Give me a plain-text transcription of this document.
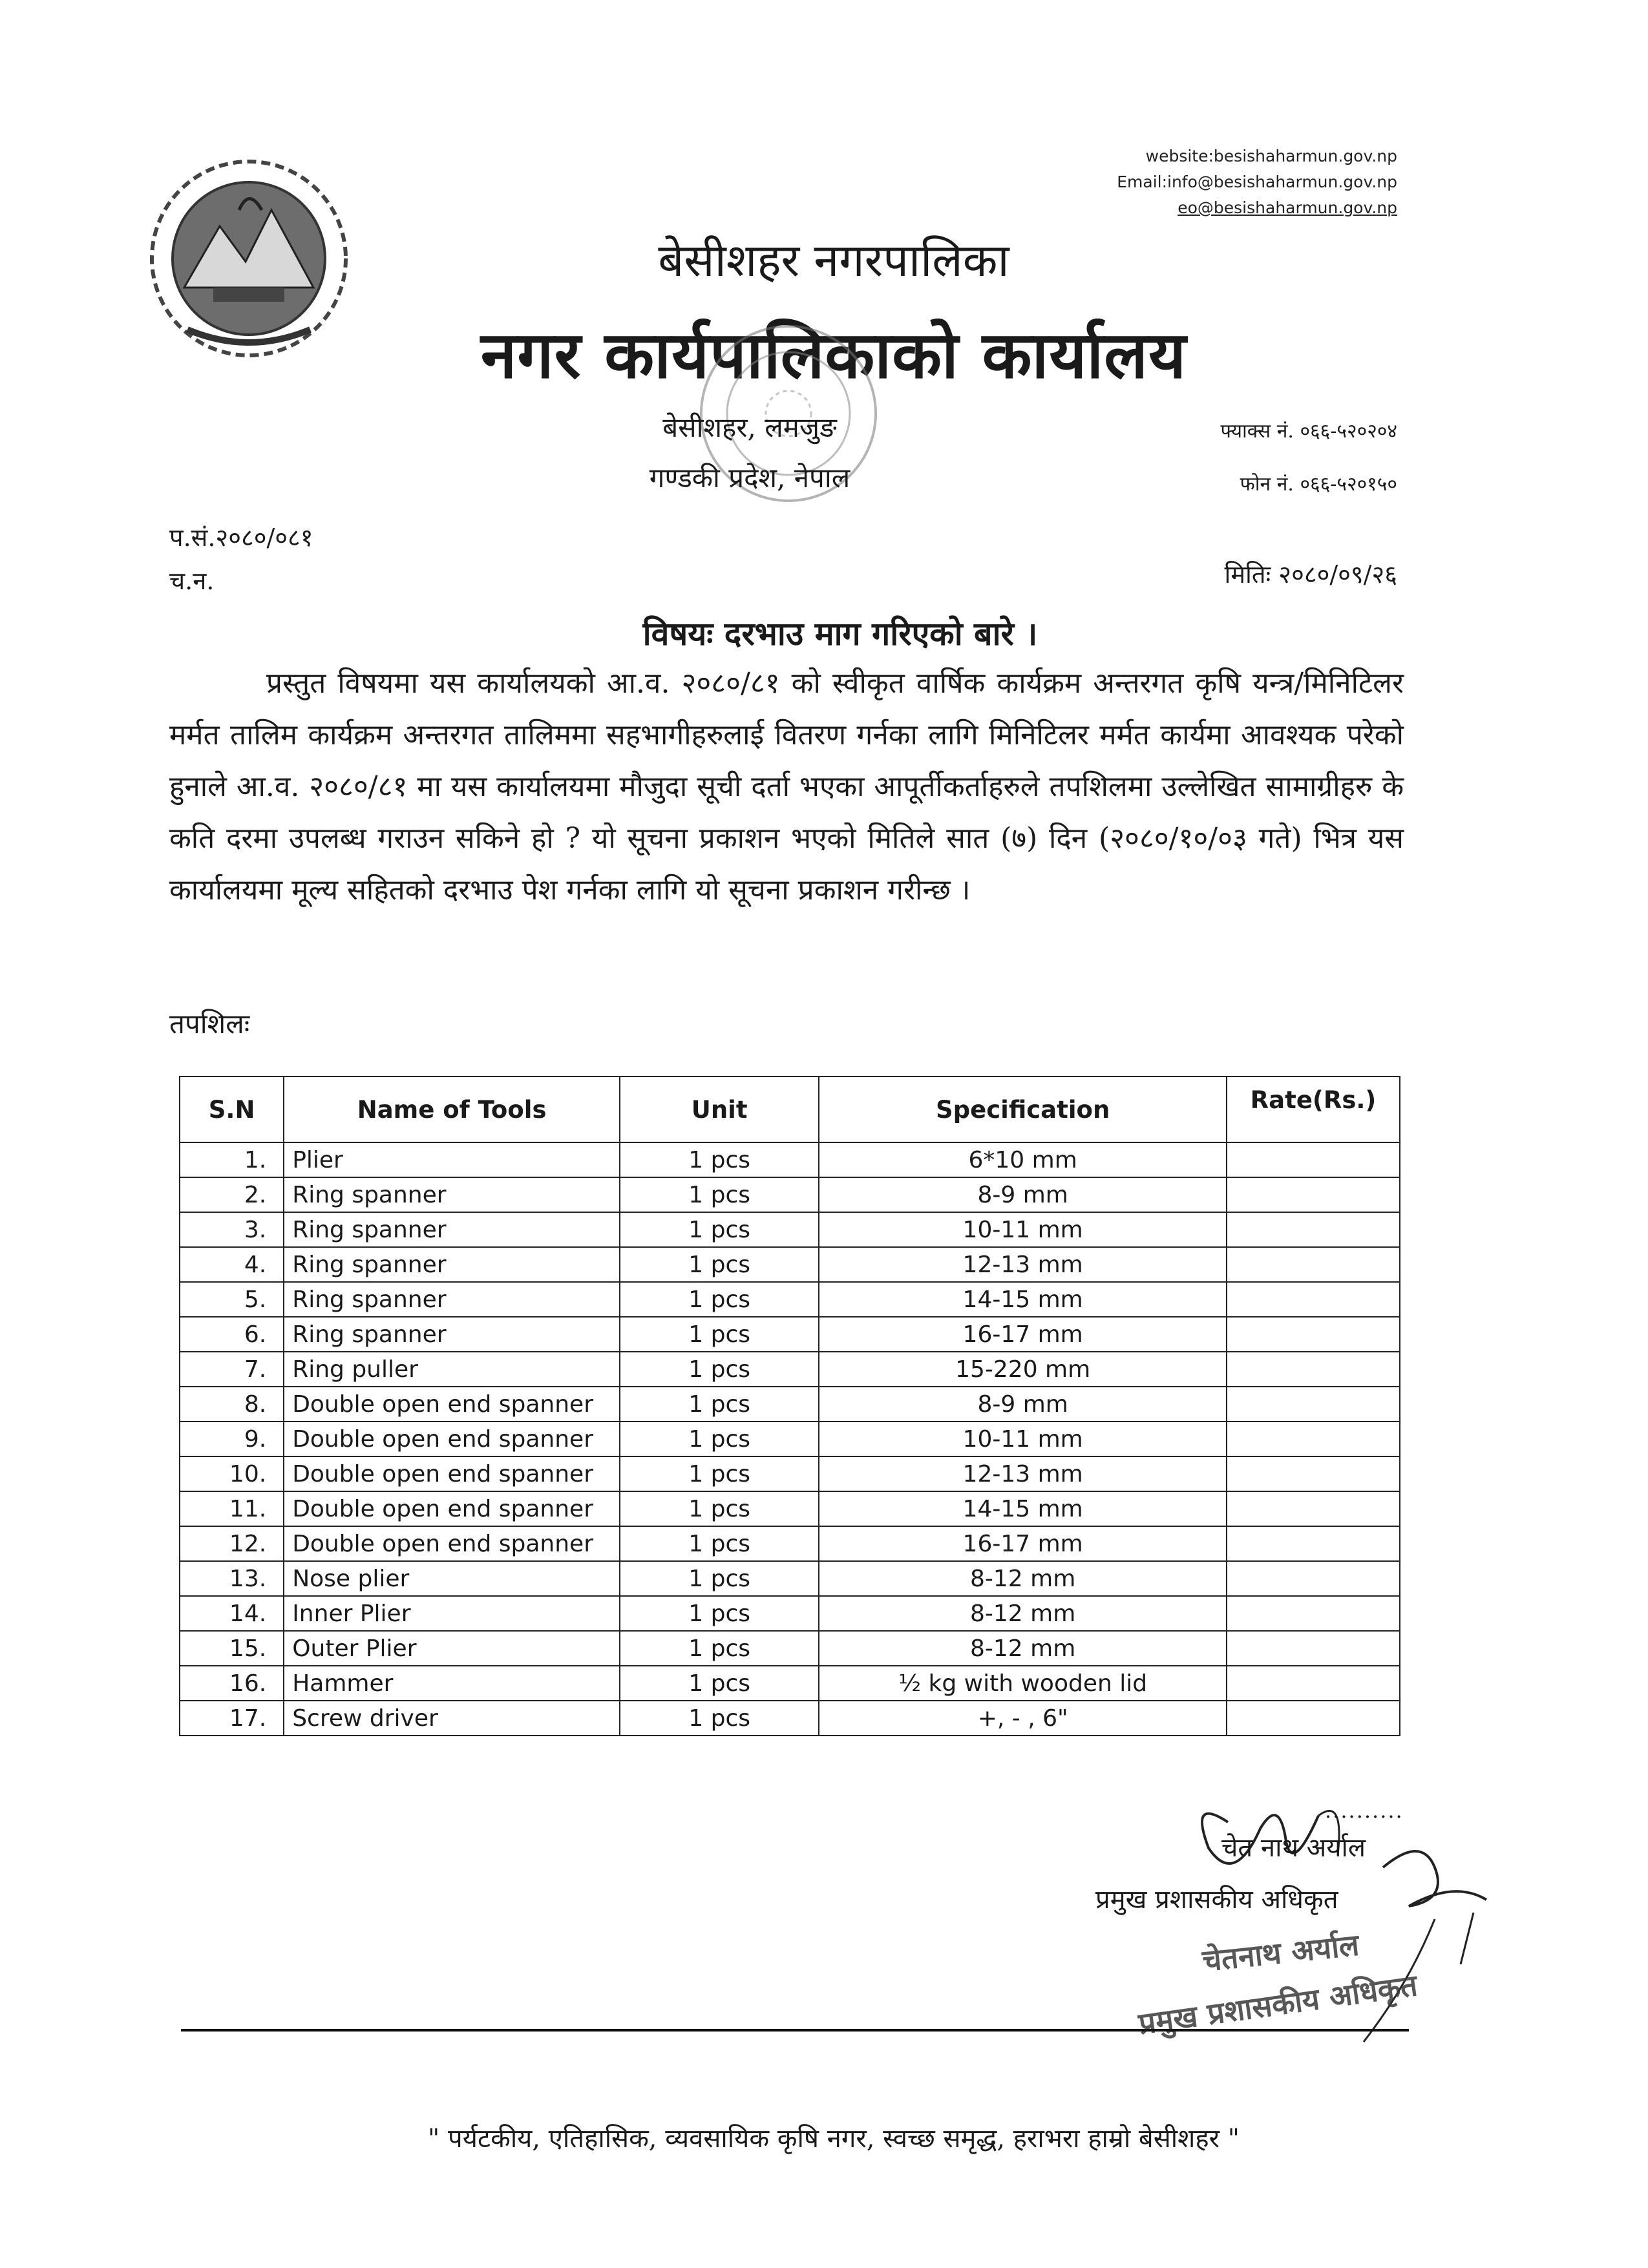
website:besishaharmun.gov.np
Email:info@besishaharmun.gov.np
eo@besishaharmun.gov.np
बेसीशहर नगरपालिका
नगर कार्यपालिकाको कार्यालय
बेसीशहर, लमजुङ
गण्डकी प्रदेश, नेपाल
फ्याक्स नं. ०६६-५२०२०४
फोन नं. ०६६-५२०१५०
प.सं.२०८०/०८१
च.न.	मितिः २०८०/०९/२६
विषयः दरभाउ माग गरिएको बारे ।
प्रस्तुत विषयमा यस कार्यालयको आ.व. २०८०/८१ को स्वीकृत वार्षिक कार्यक्रम अन्तरगत कृषि यन्त्र/मिनिटिलर मर्मत तालिम कार्यक्रम अन्तरगत तालिममा सहभागीहरुलाई वितरण गर्नका लागि मिनिटिलर मर्मत कार्यमा आवश्यक परेको हुनाले आ.व. २०८०/८१ मा यस कार्यालयमा मौजुदा सूची दर्ता भएका आपूर्तीकर्ताहरुले तपशिलमा उल्लेखित सामाग्रीहरु के कति दरमा उपलब्ध गराउन सकिने हो ? यो सूचना प्रकाशन भएको मितिले सात (७) दिन (२०८०/१०/०३ गते) भित्र यस कार्यालयमा मूल्य सहितको दरभाउ पेश गर्नका लागि यो सूचना प्रकाशन गरीन्छ ।
तपशिलः
S.N	Name of Tools	Unit	Specification	Rate(Rs.)
1.	Plier	1 pcs	6*10 mm	
2.	Ring spanner	1 pcs	8-9 mm	
3.	Ring spanner	1 pcs	10-11 mm	
4.	Ring spanner	1 pcs	12-13 mm	
5.	Ring spanner	1 pcs	14-15 mm	
6.	Ring spanner	1 pcs	16-17 mm	
7.	Ring puller	1 pcs	15-220 mm	
8.	Double open end spanner	1 pcs	8-9 mm	
9.	Double open end spanner	1 pcs	10-11 mm	
10.	Double open end spanner	1 pcs	12-13 mm	
11.	Double open end spanner	1 pcs	14-15 mm	
12.	Double open end spanner	1 pcs	16-17 mm	
13.	Nose plier	1 pcs	8-12 mm	
14.	Inner Plier	1 pcs	8-12 mm	
15.	Outer Plier	1 pcs	8-12 mm	
16.	Hammer	1 pcs	½ kg with wooden lid	
17.	Screw driver	1 pcs	+, - , 6"	
..........
चेत नाथ अर्याल
प्रमुख प्रशासकीय अधिकृत
चेतनाथ अर्याल
प्रमुख प्रशासकीय अधिकृत
" पर्यटकीय, एतिहासिक, व्यवसायिक कृषि नगर, स्वच्छ समृद्ध, हराभरा हाम्रो बेसीशहर "
